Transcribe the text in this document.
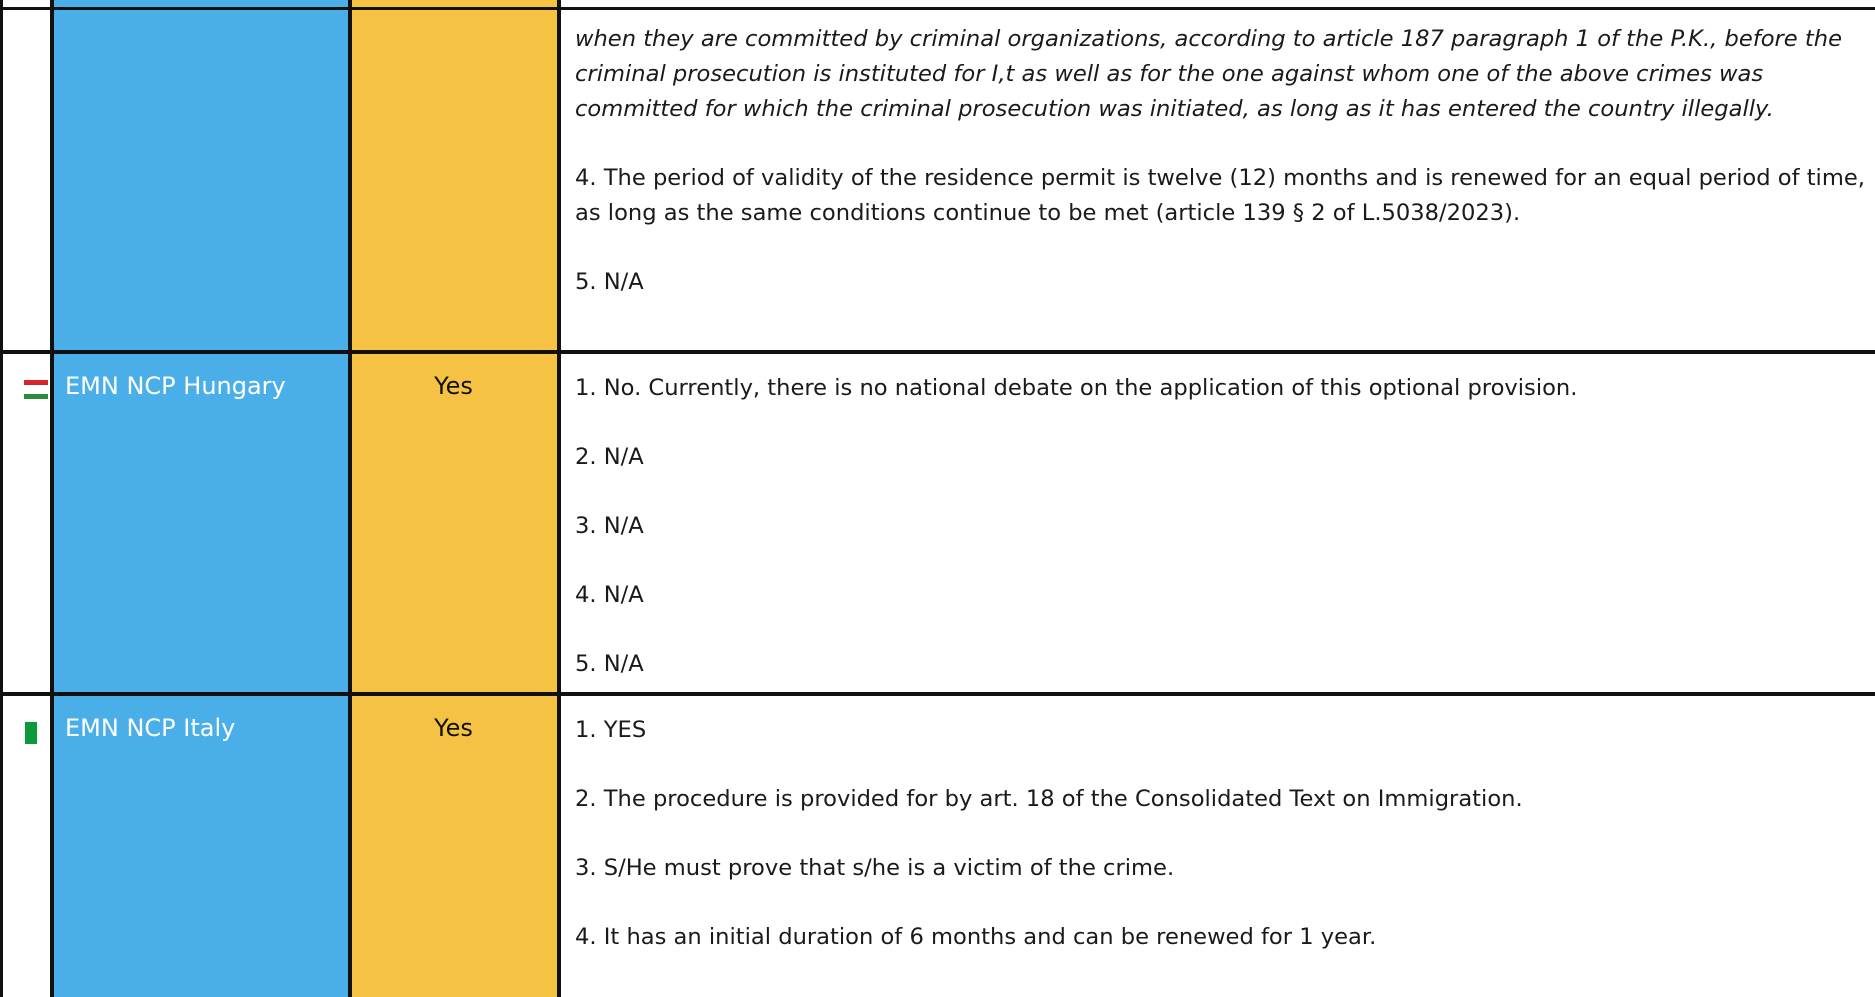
when they are committed by criminal organizations, according to article 187 paragraph 1 of the P.K., before the criminal prosecution is instituted for I,t as well as for the one against whom one of the above crimes was committed for which the criminal prosecution was initiated, as long as it has entered the country illegally.

4. The period of validity of the residence permit is twelve (12) months and is renewed for an equal period of time, as long as the same conditions continue to be met (article 139 § 2 of L.5038/2023).

5. N/A

EMN NCP Hungary	Yes	1. No. Currently, there is no national debate on the application of this optional provision.

2. N/A

3. N/A

4. N/A

5. N/A

EMN NCP Italy	Yes	1. YES

2. The procedure is provided for by art. 18 of the Consolidated Text on Immigration.

3. S/He must prove that s/he is a victim of the crime.

4. It has an initial duration of 6 months and can be renewed for 1 year.
